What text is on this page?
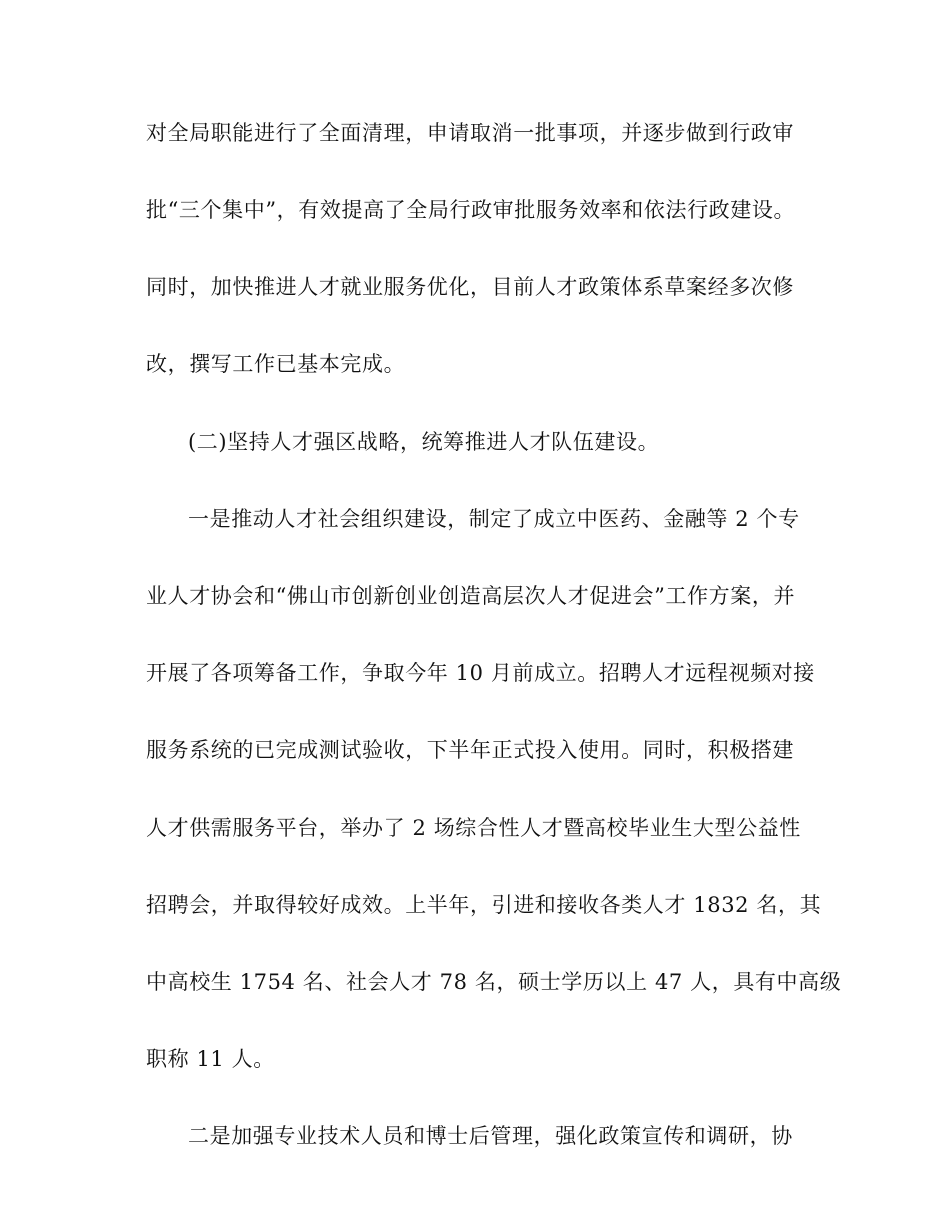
对全局职能进行了全面清理，申请取消一批事项，并逐步做到行政审
批“三个集中”，有效提高了全局行政审批服务效率和依法行政建设。
同时，加快推进人才就业服务优化，目前人才政策体系草案经多次修
改，撰写工作已基本完成。
(二)坚持人才强区战略，统筹推进人才队伍建设。
一是推动人才社会组织建设，制定了成立中医药、金融等 2 个专
业人才协会和“佛山市创新创业创造高层次人才促进会”工作方案，并
开展了各项筹备工作，争取今年 10 月前成立。招聘人才远程视频对接
服务系统的已完成测试验收，下半年正式投入使用。同时，积极搭建
人才供需服务平台，举办了 2 场综合性人才暨高校毕业生大型公益性
招聘会，并取得较好成效。上半年，引进和接收各类人才 1832 名，其
中高校生 1754 名、社会人才 78 名，硕士学历以上 47 人，具有中高级
职称 11 人。
二是加强专业技术人员和博士后管理，强化政策宣传和调研，协
